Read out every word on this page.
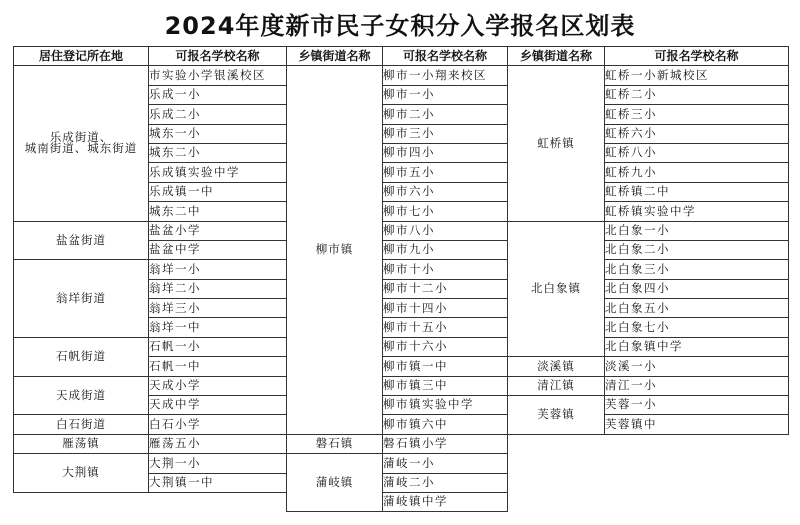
2024年度新市民子女积分入学报名区划表
居住登记所在地	可报名学校名称	乡镇街道名称	可报名学校名称	乡镇街道名称	可报名学校名称
乐成街道、
城南街道、城东街道	市实验小学银溪校区	柳市镇	柳市一小翔来校区	虹桥镇	虹桥一小新城校区
	乐成一小		柳市一小		虹桥二小
	乐成二小		柳市二小		虹桥三小
	城东一小		柳市三小		虹桥六小
	城东二小		柳市四小		虹桥八小
	乐成镇实验中学		柳市五小		虹桥九小
	乐成镇一中		柳市六小		虹桥镇二中
	城东二中		柳市七小		虹桥镇实验中学
盐盆街道	盐盆小学		柳市八小	北白象镇	北白象一小
	盐盆中学		柳市九小		北白象二小
翁垟街道	翁垟一小		柳市十小		北白象三小
	翁垟二小		柳市十二小		北白象四小
	翁垟三小		柳市十四小		北白象五小
	翁垟一中		柳市十五小		北白象七小
石帆街道	石帆一小		柳市十六小		北白象镇中学
	石帆一中		柳市镇一中	淡溪镇	淡溪一小
天成街道	天成小学		柳市镇三中	清江镇	清江一小
	天成中学		柳市镇实验中学	芙蓉镇	芙蓉一小
白石街道	白石小学		柳市镇六中		芙蓉镇中
雁荡镇	雁荡五小	磐石镇	磐石镇小学		
大荆镇	大荆一小	蒲岐镇	蒲岐一小		
	大荆镇一中		蒲岐二小		
			蒲岐镇中学		
